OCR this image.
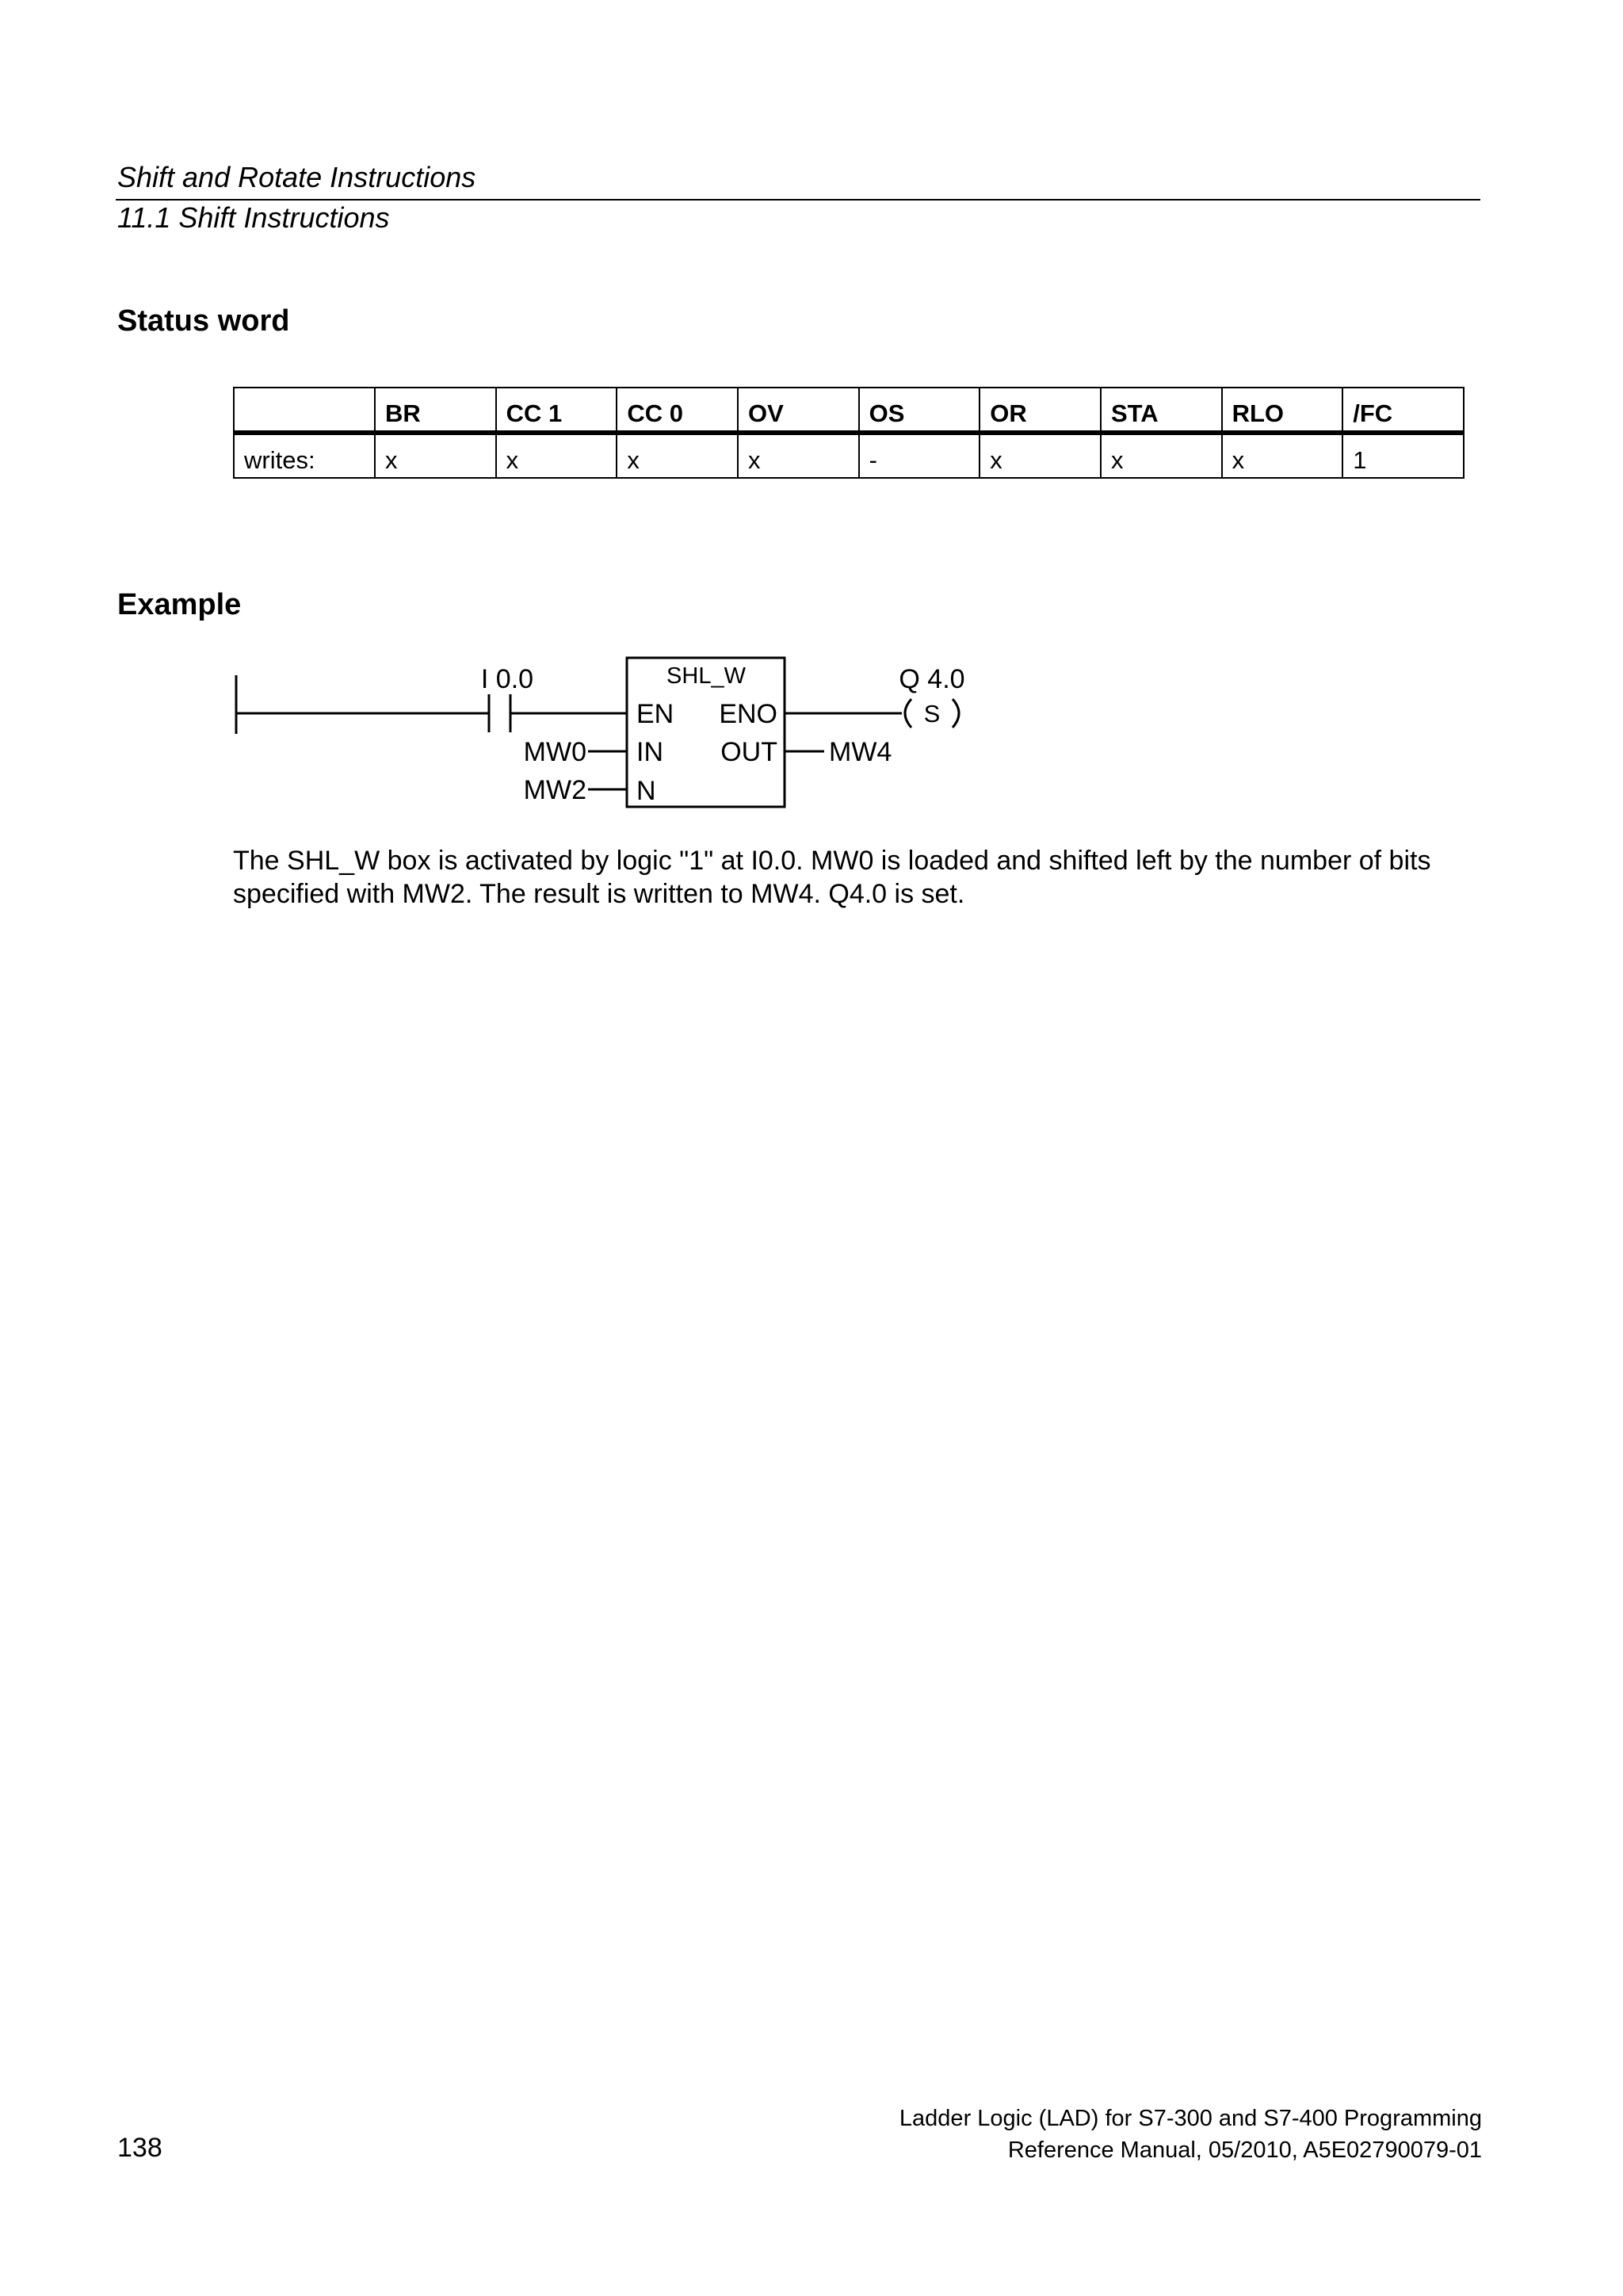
Shift and Rotate Instructions
11.1 Shift Instructions
Status word
	BR	CC 1	CC 0	OV	OS	OR	STA	RLO	/FC
writes:	x	x	x	x	-	x	x	x	1
Example
I 0.0	SHL_W
EN ENO
IN OUT
N
MW0
MW2
MW4
Q 4.0
S
The SHL_W box is activated by logic "1" at I0.0. MW0 is loaded and shifted left by the number of bits specified with MW2. The result is written to MW4. Q4.0 is set.
138
Ladder Logic (LAD) for S7-300 and S7-400 Programming
Reference Manual, 05/2010, A5E02790079-01
